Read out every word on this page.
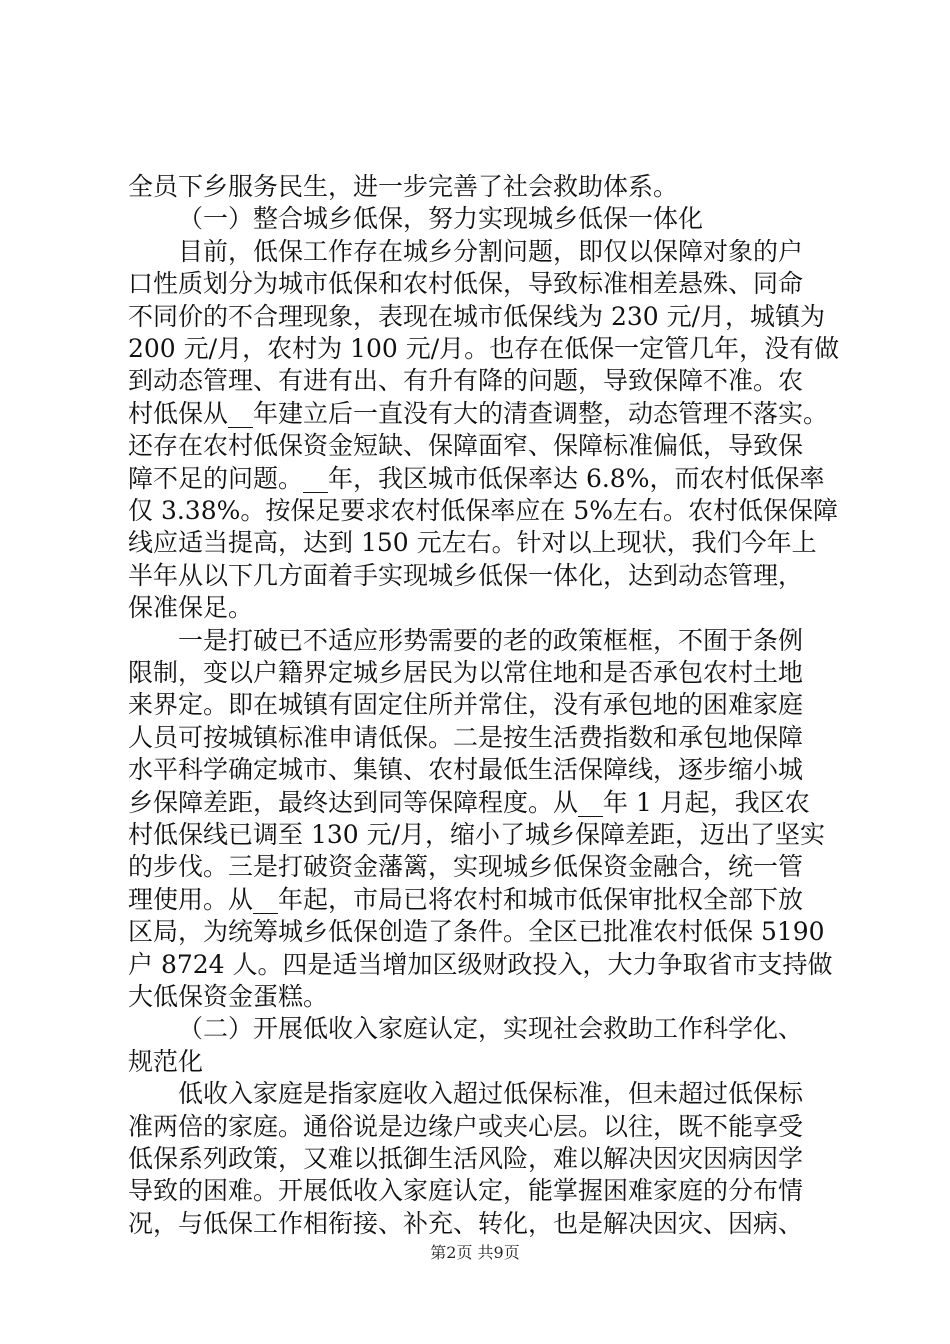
全员下乡服务民生，进一步完善了社会救助体系。
（一）整合城乡低保，努力实现城乡低保一体化
目前，低保工作存在城乡分割问题，即仅以保障对象的户
口性质划分为城市低保和农村低保，导致标准相差悬殊、同命
不同价的不合理现象，表现在城市低保线为 230 元/月，城镇为
200 元/月，农村为 100 元/月。也存在低保一定管几年，没有做
到动态管理、有进有出、有升有降的问题，导致保障不准。农
村低保从__年建立后一直没有大的清查调整，动态管理不落实。
还存在农村低保资金短缺、保障面窄、保障标准偏低，导致保
障不足的问题。__年，我区城市低保率达 6.8%，而农村低保率
仅 3.38%。按保足要求农村低保率应在 5%左右。农村低保保障
线应适当提高，达到 150 元左右。针对以上现状，我们今年上
半年从以下几方面着手实现城乡低保一体化，达到动态管理，
保准保足。
一是打破已不适应形势需要的老的政策框框，不囿于条例
限制，变以户籍界定城乡居民为以常住地和是否承包农村土地
来界定。即在城镇有固定住所并常住，没有承包地的困难家庭
人员可按城镇标准申请低保。二是按生活费指数和承包地保障
水平科学确定城市、集镇、农村最低生活保障线，逐步缩小城
乡保障差距，最终达到同等保障程度。从__年 1 月起，我区农
村低保线已调至 130 元/月，缩小了城乡保障差距，迈出了坚实
的步伐。三是打破资金藩篱，实现城乡低保资金融合，统一管
理使用。从__年起，市局已将农村和城市低保审批权全部下放
区局，为统筹城乡低保创造了条件。全区已批准农村低保 5190
户 8724 人。四是适当增加区级财政投入，大力争取省市支持做
大低保资金蛋糕。
（二）开展低收入家庭认定，实现社会救助工作科学化、
规范化
低收入家庭是指家庭收入超过低保标准，但未超过低保标
准两倍的家庭。通俗说是边缘户或夹心层。以往，既不能享受
低保系列政策，又难以抵御生活风险，难以解决因灾因病因学
导致的困难。开展低收入家庭认定，能掌握困难家庭的分布情
况，与低保工作相衔接、补充、转化，也是解决因灾、因病、
第2页 共9页
